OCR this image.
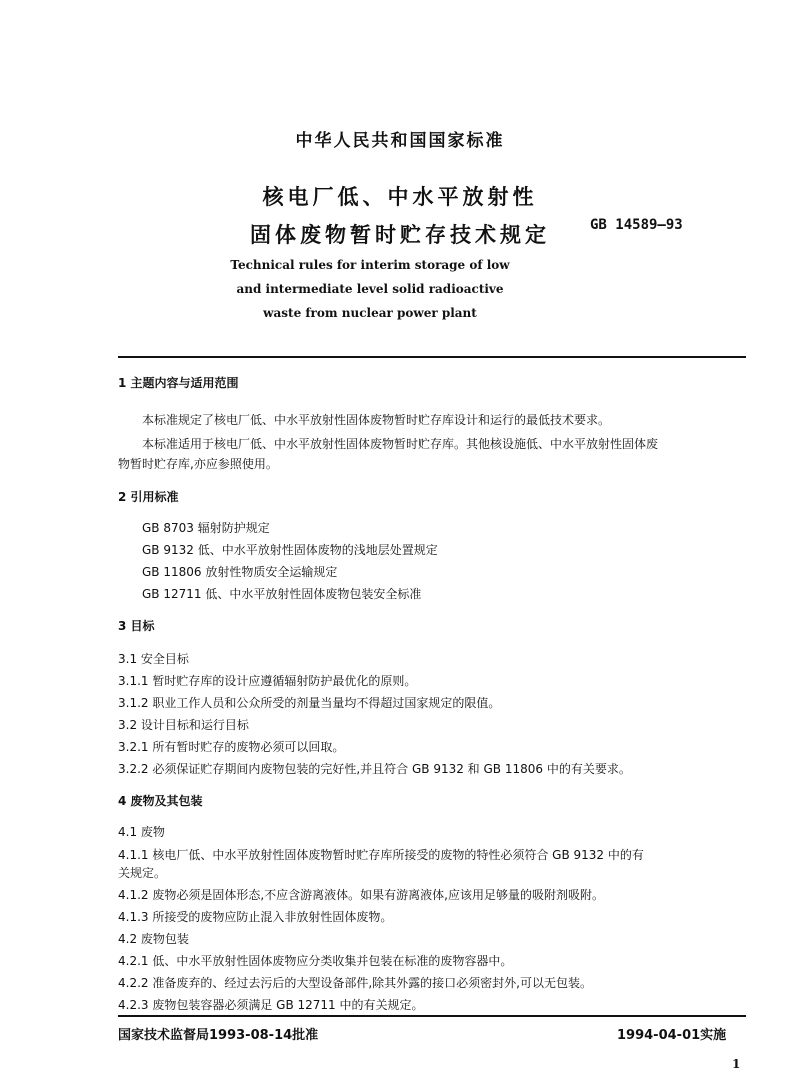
中华人民共和国国家标准
核电厂低、中水平放射性
固体废物暂时贮存技术规定	GB 14589—93
Technical rules for interim storage of low
and intermediate level solid radioactive
waste from nuclear power plant
1 主题内容与适用范围
本标准规定了核电厂低、中水平放射性固体废物暂时贮存库设计和运行的最低技术要求。
本标准适用于核电厂低、中水平放射性固体废物暂时贮存库。其他核设施低、中水平放射性固体废
物暂时贮存库,亦应参照使用。
2 引用标准
GB 8703 辐射防护规定
GB 9132 低、中水平放射性固体废物的浅地层处置规定
GB 11806 放射性物质安全运输规定
GB 12711 低、中水平放射性固体废物包装安全标准
3 目标
3.1 安全目标
3.1.1 暂时贮存库的设计应遵循辐射防护最优化的原则。
3.1.2 职业工作人员和公众所受的剂量当量均不得超过国家规定的限值。
3.2 设计目标和运行目标
3.2.1 所有暂时贮存的废物必须可以回取。
3.2.2 必须保证贮存期间内废物包装的完好性,并且符合 GB 9132 和 GB 11806 中的有关要求。
4 废物及其包装
4.1 废物
4.1.1 核电厂低、中水平放射性固体废物暂时贮存库所接受的废物的特性必须符合 GB 9132 中的有
关规定。
4.1.2 废物必须是固体形态,不应含游离液体。如果有游离液体,应该用足够量的吸附剂吸附。
4.1.3 所接受的废物应防止混入非放射性固体废物。
4.2 废物包装
4.2.1 低、中水平放射性固体废物应分类收集并包装在标准的废物容器中。
4.2.2 准备废弃的、经过去污后的大型设备部件,除其外露的接口必须密封外,可以无包装。
4.2.3 废物包装容器必须满足 GB 12711 中的有关规定。
国家技术监督局1993-08-14批准	1994-04-01实施
1
